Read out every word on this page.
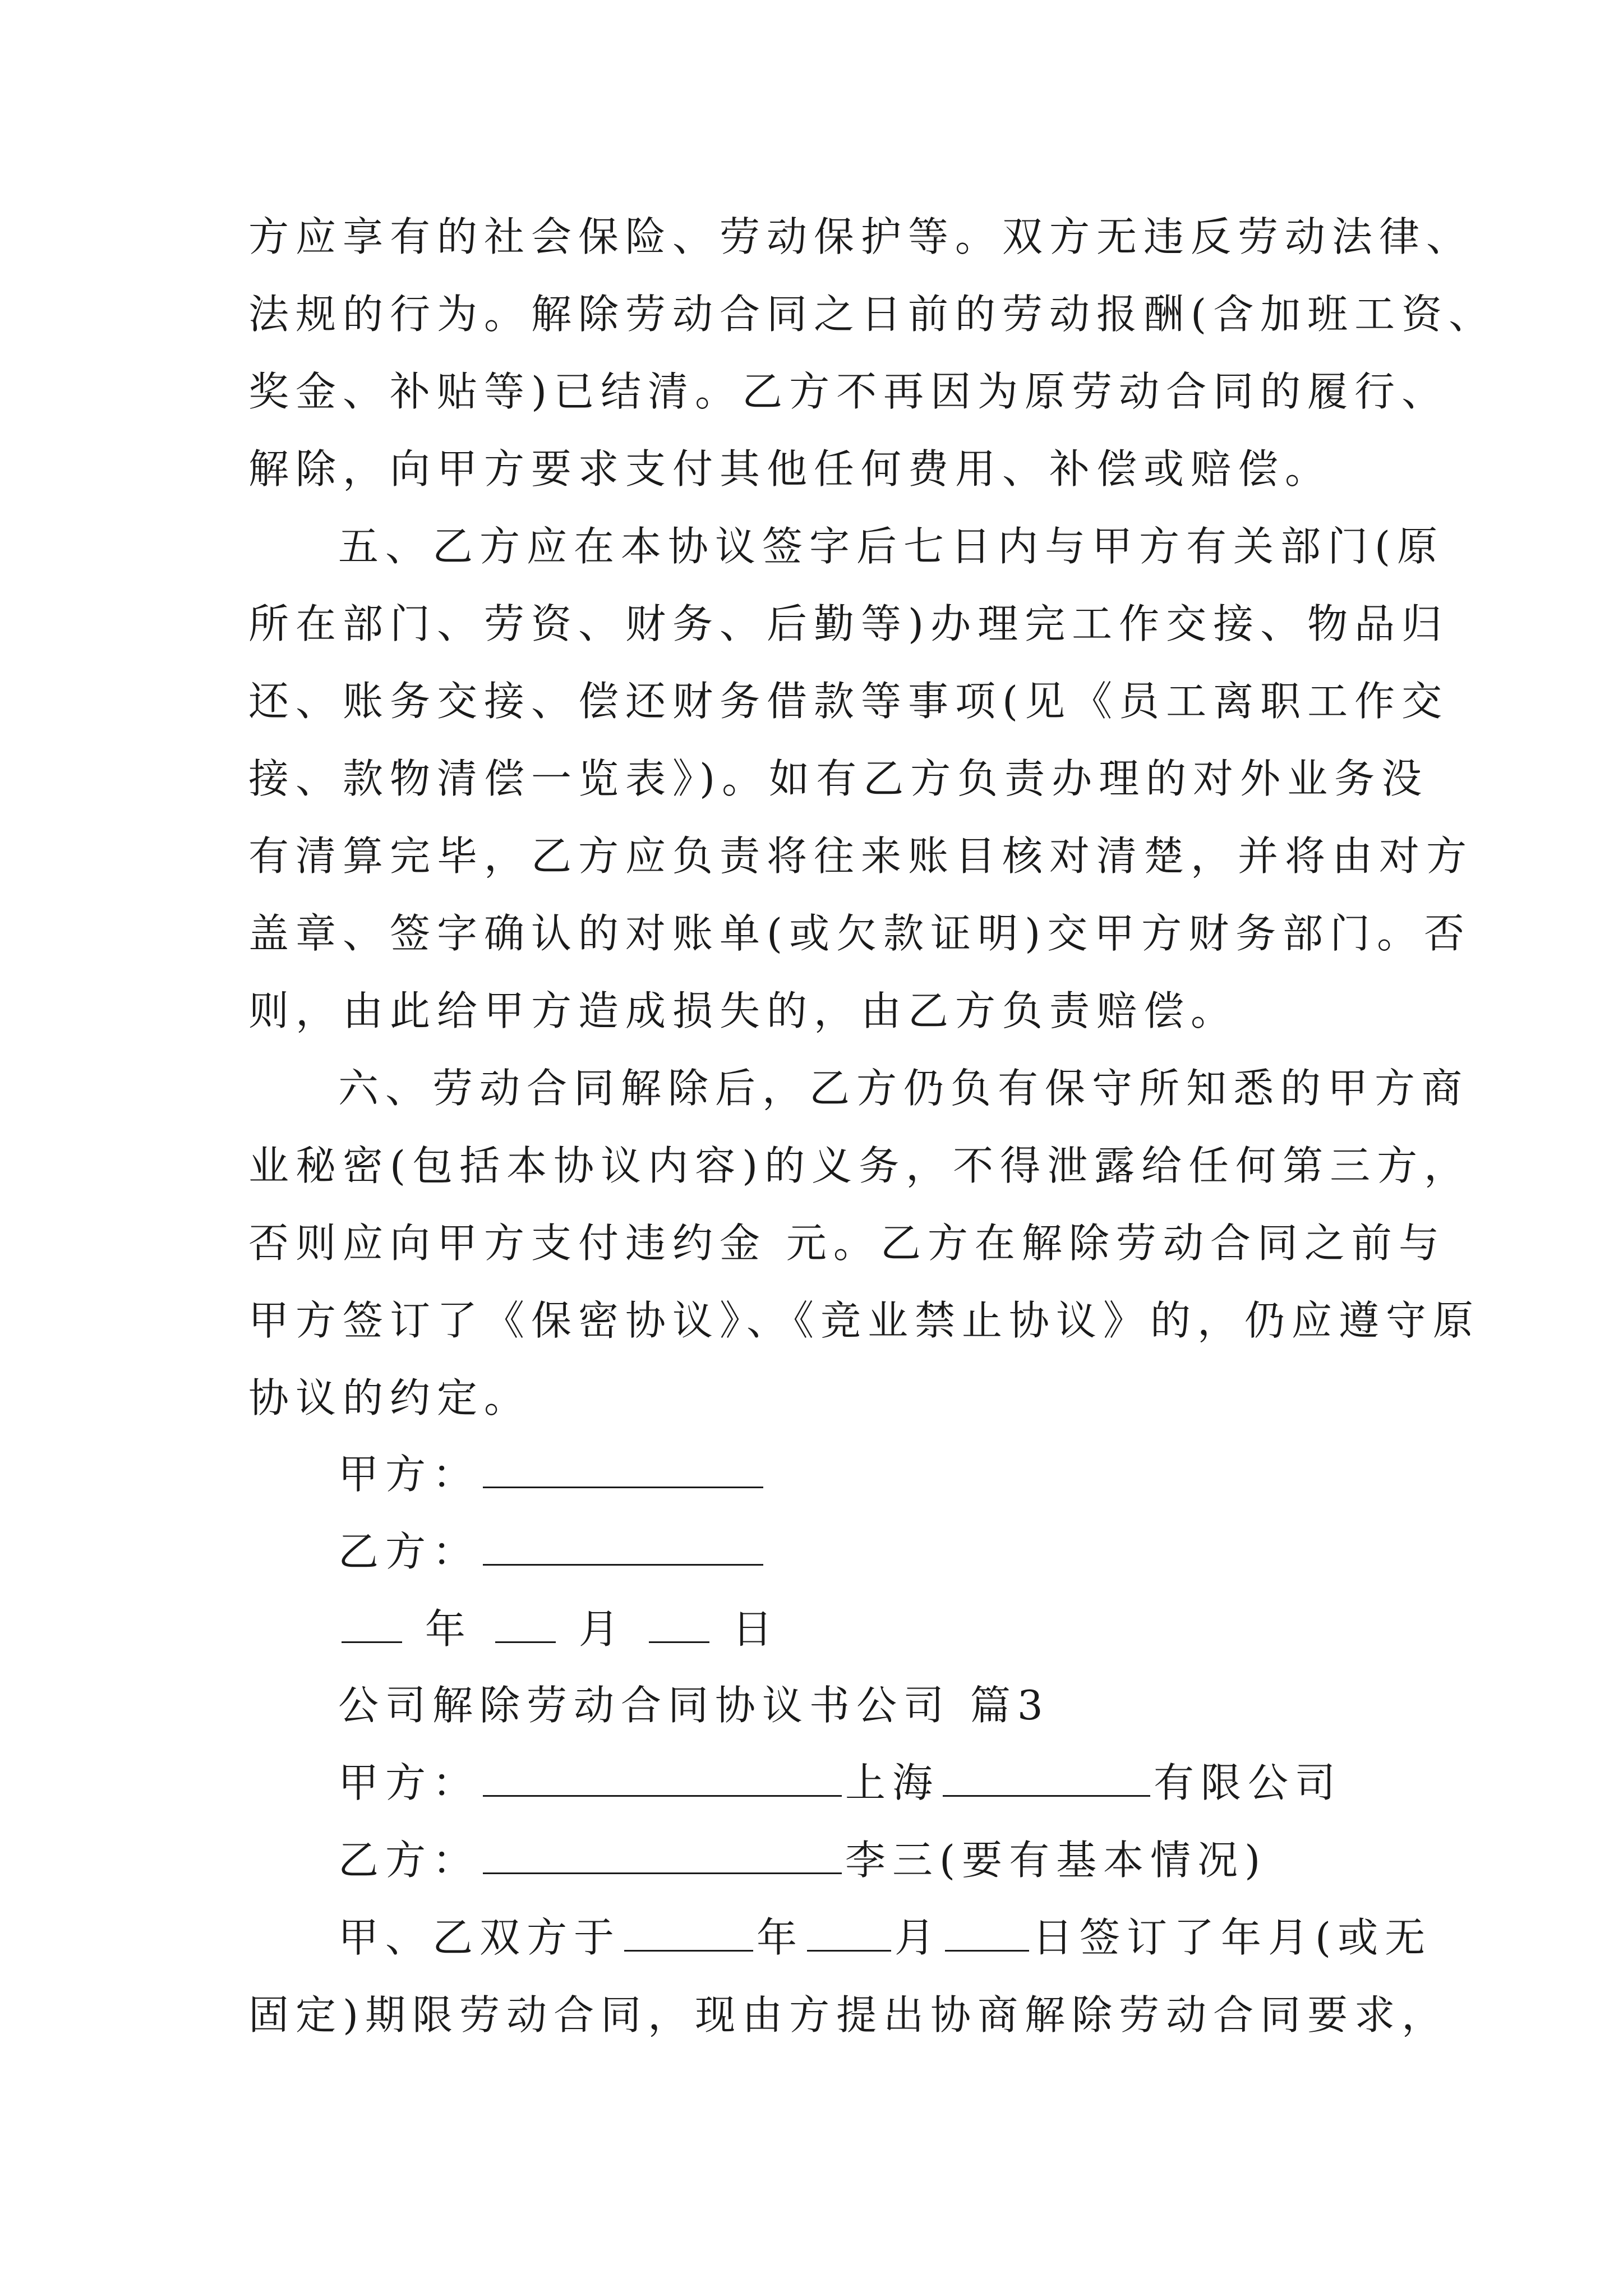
方应享有的社会保险、劳动保护等。双方无违反劳动法律、
法规的行为。解除劳动合同之日前的劳动报酬(含加班工资、
奖金、补贴等)已结清。乙方不再因为原劳动合同的履行、
解除，向甲方要求支付其他任何费用、补偿或赔偿。
五、乙方应在本协议签字后七日内与甲方有关部门(原
所在部门、劳资、财务、后勤等)办理完工作交接、物品归
还、账务交接、偿还财务借款等事项(见《员工离职工作交
接、款物清偿一览表》)。如有乙方负责办理的对外业务没
有清算完毕，乙方应负责将往来账目核对清楚，并将由对方
盖章、签字确认的对账单(或欠款证明)交甲方财务部门。否
则，由此给甲方造成损失的，由乙方负责赔偿。
六、劳动合同解除后，乙方仍负有保守所知悉的甲方商
业秘密(包括本协议内容)的义务，不得泄露给任何第三方，
否则应向甲方支付违约金 元。乙方在解除劳动合同之前与
甲方签订了《保密协议》、《竞业禁止协议》的，仍应遵守原
协议的约定。
甲方：
乙方：
年	月	日
公司解除劳动合同协议书公司 篇3
甲方：	上海	有限公司
乙方：	李三(要有基本情况)
甲、乙双方于	年 月 日签订了年月(或无
固定)期限劳动合同，现由方提出协商解除劳动合同要求，
